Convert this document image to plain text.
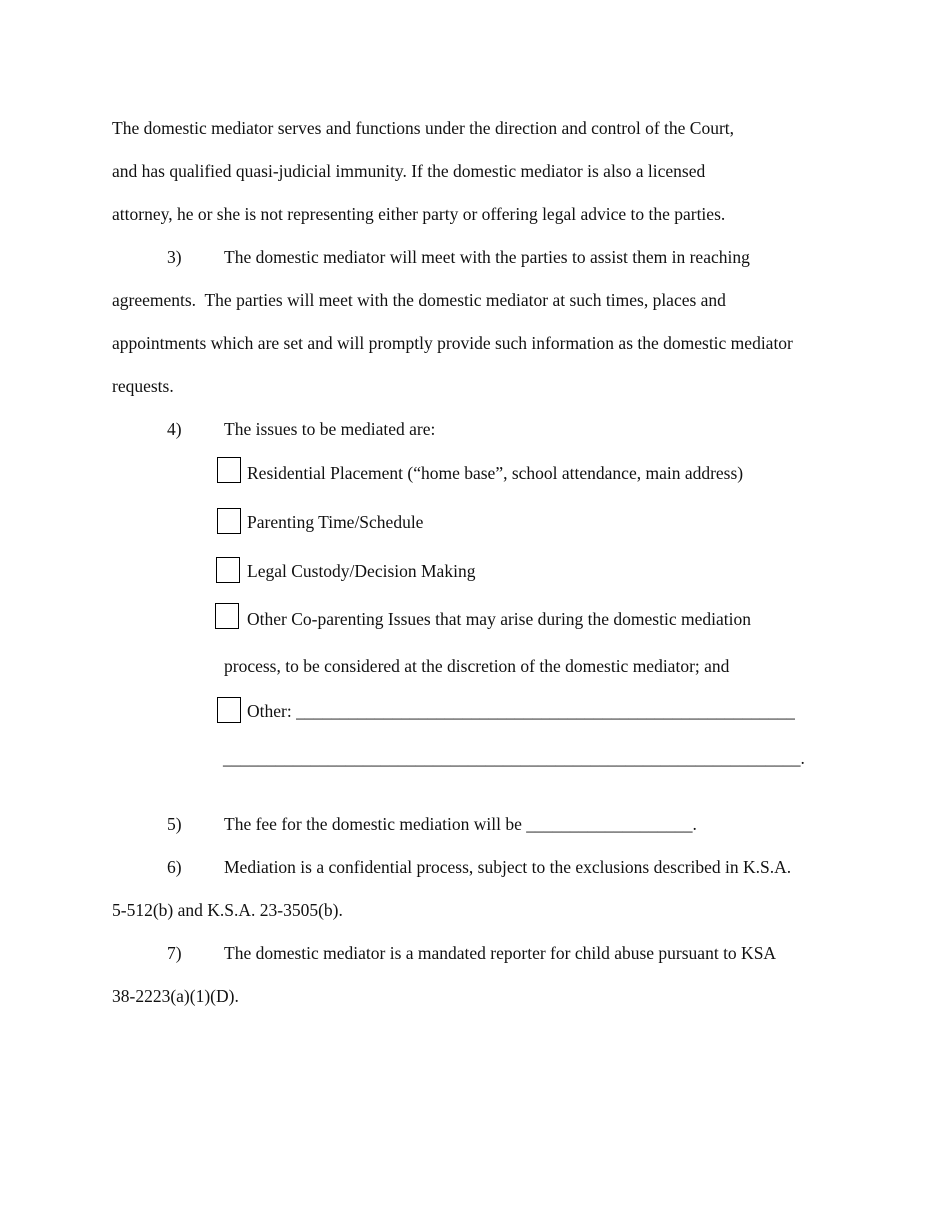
The domestic mediator serves and functions under the direction and control of the Court,
and has qualified quasi-judicial immunity. If the domestic mediator is also a licensed
attorney, he or she is not representing either party or offering legal advice to the parties.
3) The domestic mediator will meet with the parties to assist them in reaching
agreements.  The parties will meet with the domestic mediator at such times, places and
appointments which are set and will promptly provide such information as the domestic mediator
requests.
4) The issues to be mediated are:
Residential Placement (“home base”, school attendance, main address)
Parenting Time/Schedule
Legal Custody/Decision Making
Other Co-parenting Issues that may arise during the domestic mediation
process, to be considered at the discretion of the domestic mediator; and
Other: _________________________________________________________
__________________________________________________________________.
5) The fee for the domestic mediation will be ___________________.
6) Mediation is a confidential process, subject to the exclusions described in K.S.A.
5-512(b) and K.S.A. 23-3505(b).
7) The domestic mediator is a mandated reporter for child abuse pursuant to KSA
38-2223(a)(1)(D).
